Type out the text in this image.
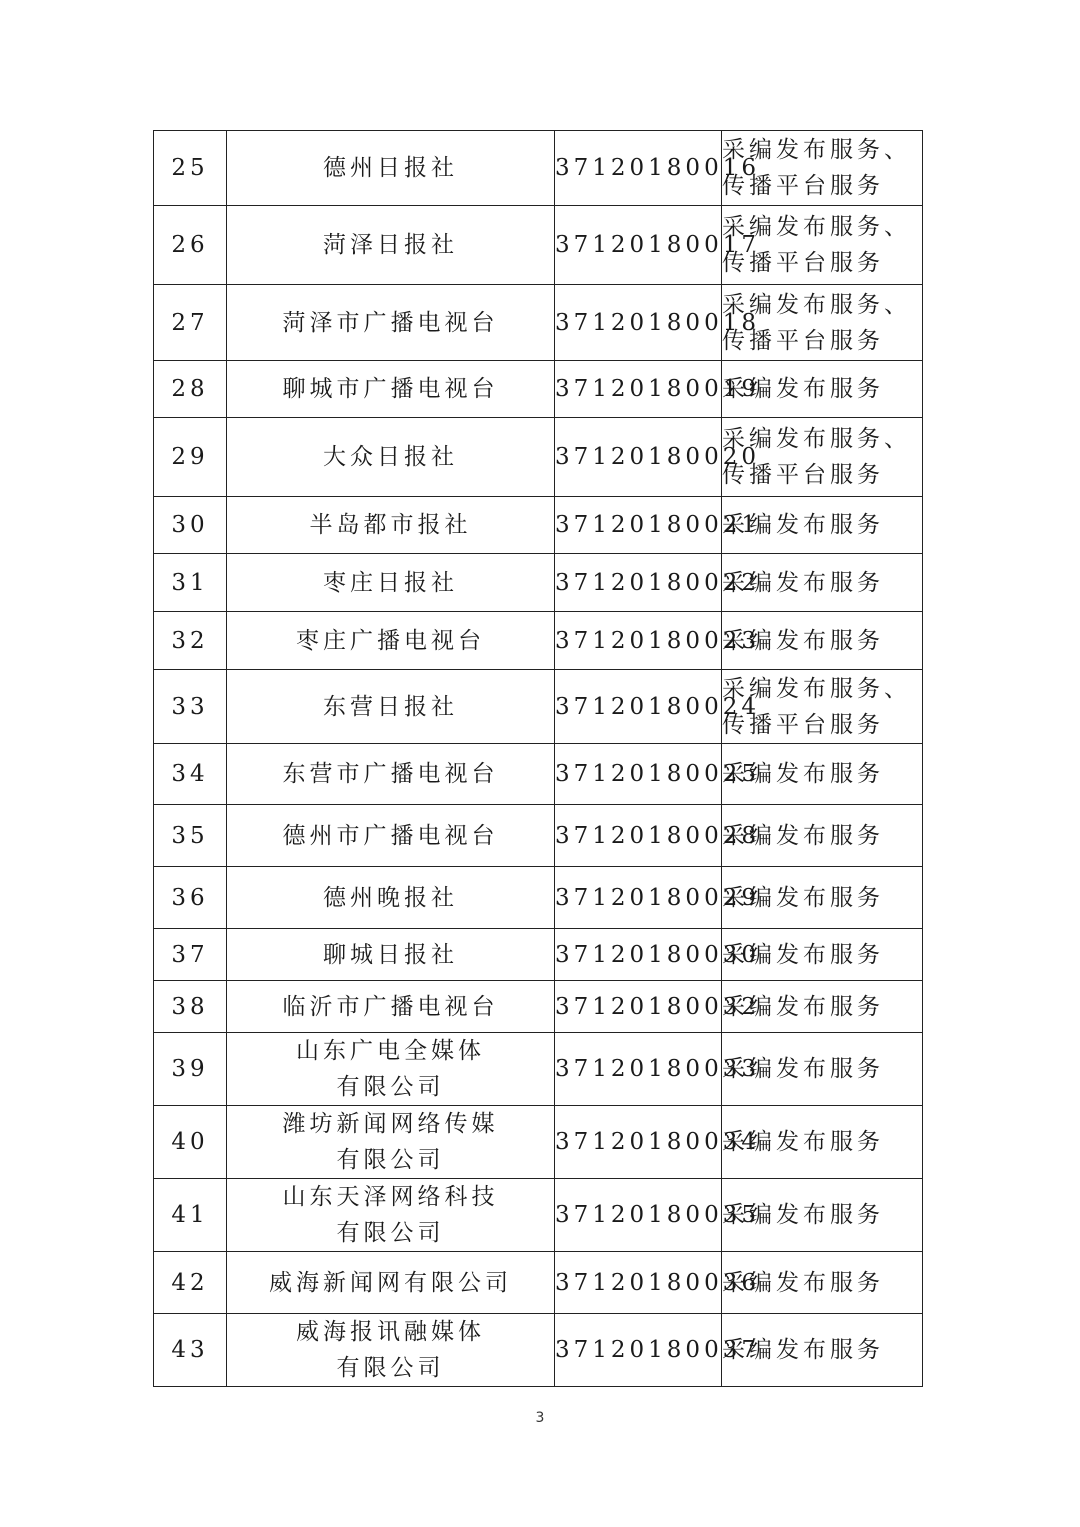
25	德州日报社	37120180016	采编发布服务、
传播平台服务

26	菏泽日报社	37120180017	采编发布服务、
传播平台服务

27	菏泽市广播电视台	37120180018	采编发布服务、
传播平台服务

28	聊城市广播电视台	37120180019	采编发布服务

29	大众日报社	37120180020	采编发布服务、
传播平台服务

30	半岛都市报社	37120180021	采编发布服务

31	枣庄日报社	37120180022	采编发布服务

32	枣庄广播电视台	37120180023	采编发布服务

33	东营日报社	37120180024	采编发布服务、
传播平台服务

34	东营市广播电视台	37120180025	采编发布服务

35	德州市广播电视台	37120180028	采编发布服务

36	德州晚报社	37120180029	采编发布服务

37	聊城日报社	37120180030	采编发布服务

38	临沂市广播电视台	37120180032	采编发布服务

39	山东广电全媒体
有限公司	37120180033	采编发布服务

40	潍坊新闻网络传媒
有限公司	37120180034	采编发布服务

41	山东天泽网络科技
有限公司	37120180035	采编发布服务

42	威海新闻网有限公司	37120180036	采编发布服务

43	威海报讯融媒体
有限公司	37120180037	采编发布服务
3
